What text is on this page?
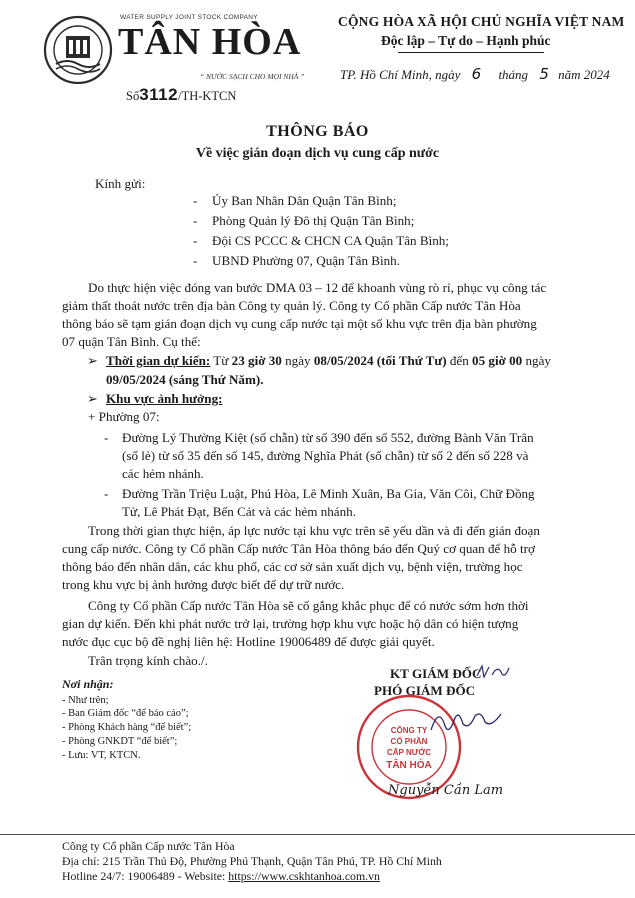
WATER SUPPLY JOINT STOCK COMPANY
TÂN HÒA
“ NƯỚC SẠCH CHO MỌI NHÀ ”
Số3112/TH-KTCN
CỘNG HÒA XÃ HỘI CHỦ NGHĨA VIỆT NAM
Độc lập – Tự do – Hạnh phúc
TP. Hồ Chí Minh, ngày 6 tháng 5 năm 2024
THÔNG BÁO
Về việc gián đoạn dịch vụ cung cấp nước
Kính gửi:
- Ủy Ban Nhân Dân Quận Tân Bình;
- Phòng Quản lý Đô thị Quận Tân Bình;
- Đội CS PCCC & CHCN CA Quận Tân Bình;
- UBND Phường 07, Quận Tân Bình.
Do thực hiện việc đóng van bước DMA 03 – 12 để khoanh vùng rò rỉ, phục vụ công tác
giảm thất thoát nước trên địa bàn Công ty quản lý. Công ty Cổ phần Cấp nước Tân Hòa
thông báo sẽ tạm gián đoạn dịch vụ cung cấp nước tại một số khu vực trên địa bàn phường
07 quận Tân Bình. Cụ thể:
➢ Thời gian dự kiến: Từ 23 giờ 30 ngày 08/05/2024 (tối Thứ Tư) đến 05 giờ 00 ngày
09/05/2024 (sáng Thứ Năm).
➢ Khu vực ảnh hưởng:
+ Phường 07:
- Đường Lý Thường Kiệt (số chẵn) từ số 390 đến số 552, đường Bành Văn Trân
(số lẻ) từ số 35 đến số 145, đường Nghĩa Phát (số chẵn) từ số 2 đến số 228 và
các hẻm nhánh.
- Đường Trần Triệu Luật, Phú Hòa, Lê Minh Xuân, Ba Gia, Văn Côi, Chữ Đồng
Tử, Lê Phát Đạt, Bến Cát và các hẻm nhánh.
Trong thời gian thực hiện, áp lực nước tại khu vực trên sẽ yếu dần và đi đến gián đoạn
cung cấp nước. Công ty Cổ phần Cấp nước Tân Hòa thông báo đến Quý cơ quan để hỗ trợ
thông báo đến nhân dân, các khu phố, các cơ sở sản xuất dịch vụ, bệnh viện, trường học
trong khu vực bị ảnh hưởng được biết để dự trữ nước.
Công ty Cổ phần Cấp nước Tân Hòa sẽ cố gắng khắc phục để có nước sớm hơn thời
gian dự kiến. Đến khi phát nước trở lại, trường hợp khu vực hoặc hộ dân có hiện tượng
nước đục cục bộ đề nghị liên hệ: Hotline 19006489 để được giải quyết.
Trân trọng kính chào./.
KT GIÁM ĐỐC
PHÓ GIÁM ĐỐC
CÔNG TY
CỔ PHẦN
CẤP NƯỚC
TÂN HÒA
Nguyễn Cần Lam
Nơi nhận:
- Như trên;
- Ban Giám đốc “để báo cáo”;
- Phòng Khách hàng “để biết”;
- Phòng GNKDT “để biết”;
- Lưu: VT, KTCN.
Công ty Cổ phần Cấp nước Tân Hòa
Địa chỉ: 215 Trần Thủ Độ, Phường Phú Thạnh, Quận Tân Phú, TP. Hồ Chí Minh
Hotline 24/7: 19006489 - Website: https://www.cskhtanhoa.com.vn
